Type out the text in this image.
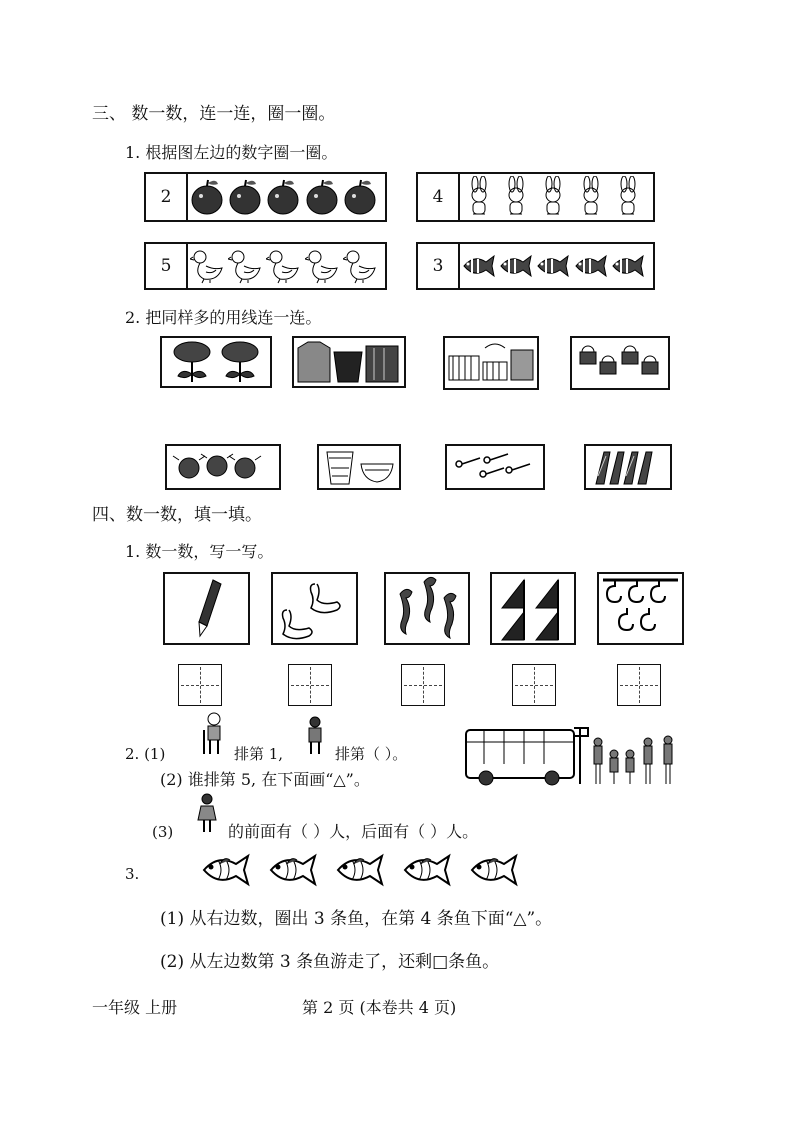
三、 数一数，连一连，圈一圈。
1. 根据图左边的数字圈一圈。
2	4
5	3
2. 把同样多的用线连一连。
四、数一数，填一填。
1. 数一数，写一写。
2. (1)	排第 1,	排第（ ）。
(2) 谁排第 5, 在下面画“△”。
(3)	的前面有（ ）人，后面有（ ）人。
3.
(1) 从右边数，圈出 3 条鱼，在第 4 条鱼下面“△”。
(2) 从左边数第 3 条鱼游走了，还剩□条鱼。
一年级 上册	第 2 页 (本卷共 4 页)
